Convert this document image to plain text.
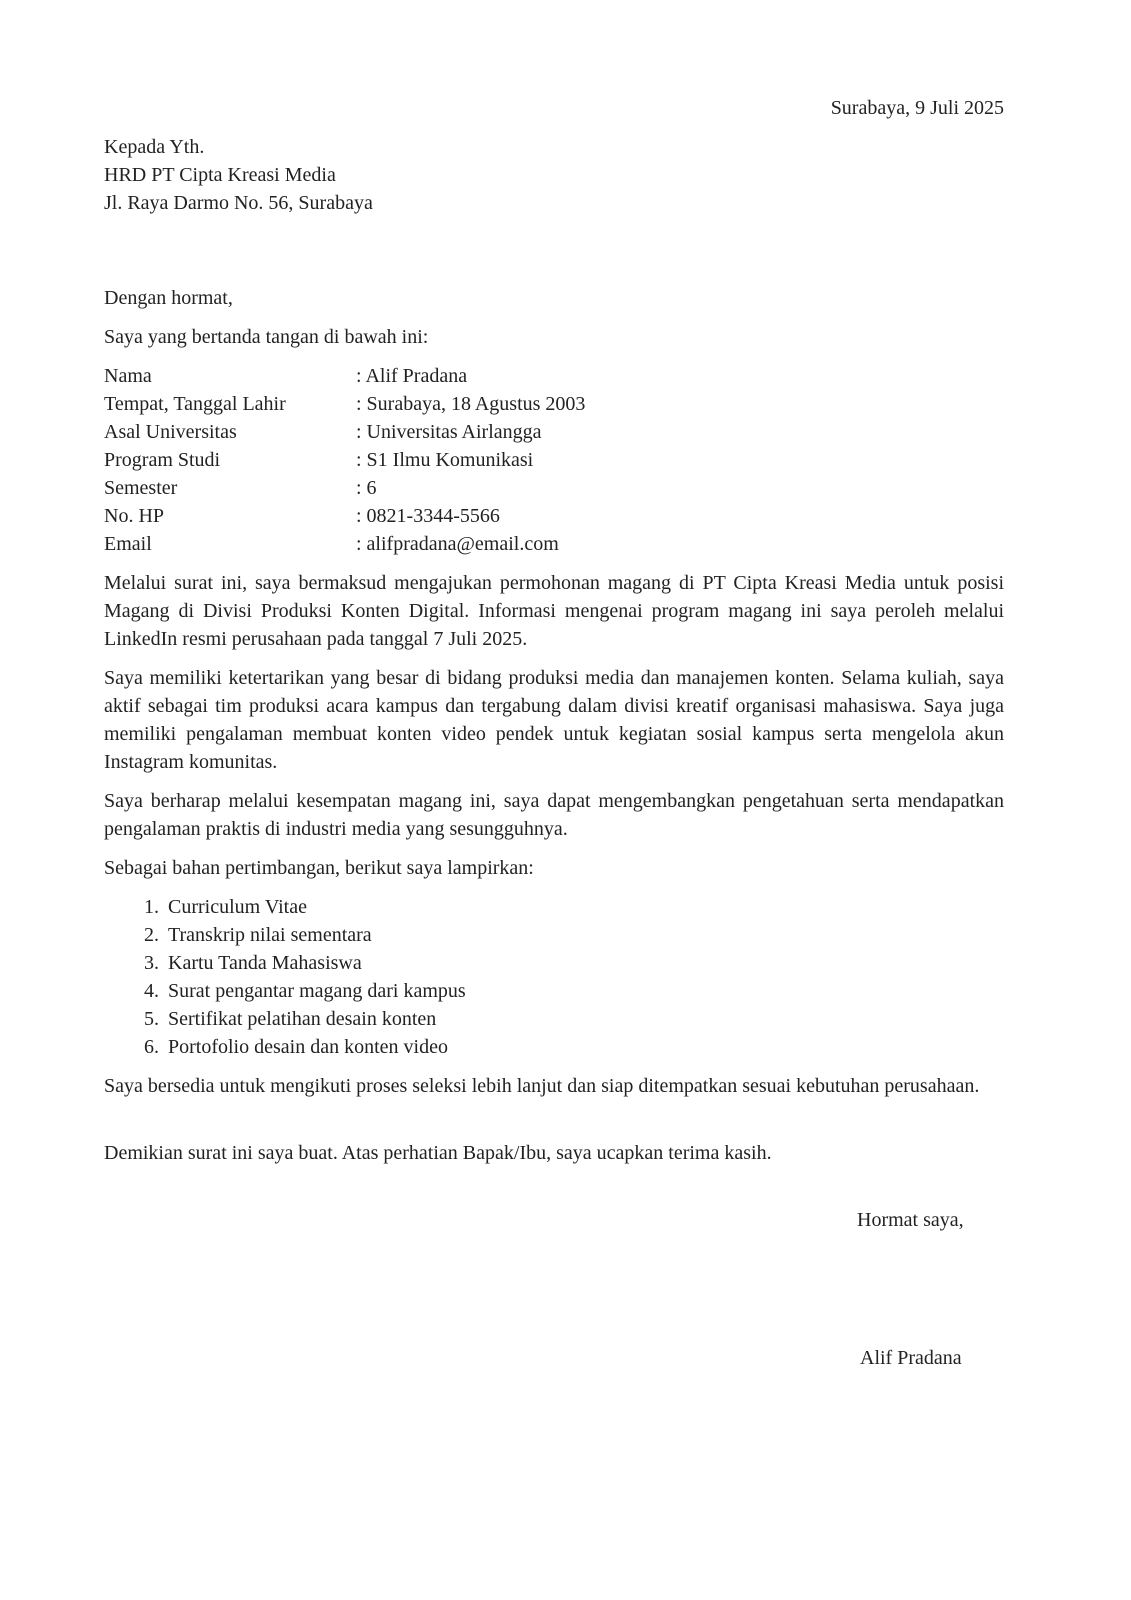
Surabaya, 9 Juli 2025
Kepada Yth.
HRD PT Cipta Kreasi Media
Jl. Raya Darmo No. 56, Surabaya
Dengan hormat,
Saya yang bertanda tangan di bawah ini:
Nama	: Alif Pradana
Tempat, Tanggal Lahir	: Surabaya, 18 Agustus 2003
Asal Universitas	: Universitas Airlangga
Program Studi	: S1 Ilmu Komunikasi
Semester	: 6
No. HP	: 0821-3344-5566
Email	: alifpradana@email.com

Melalui surat ini, saya bermaksud mengajukan permohonan magang di PT Cipta Kreasi Media untuk posisi Magang di Divisi Produksi Konten Digital. Informasi mengenai program magang ini saya peroleh melalui LinkedIn resmi perusahaan pada tanggal 7 Juli 2025.

Saya memiliki ketertarikan yang besar di bidang produksi media dan manajemen konten. Selama kuliah, saya aktif sebagai tim produksi acara kampus dan tergabung dalam divisi kreatif organisasi mahasiswa. Saya juga memiliki pengalaman membuat konten video pendek untuk kegiatan sosial kampus serta mengelola akun Instagram komunitas.

Saya berharap melalui kesempatan magang ini, saya dapat mengembangkan pengetahuan serta mendapatkan pengalaman praktis di industri media yang sesungguhnya.

Sebagai bahan pertimbangan, berikut saya lampirkan:
1. Curriculum Vitae
2. Transkrip nilai sementara
3. Kartu Tanda Mahasiswa
4. Surat pengantar magang dari kampus
5. Sertifikat pelatihan desain konten
6. Portofolio desain dan konten video

Saya bersedia untuk mengikuti proses seleksi lebih lanjut dan siap ditempatkan sesuai kebutuhan perusahaan.

Demikian surat ini saya buat. Atas perhatian Bapak/Ibu, saya ucapkan terima kasih.

Hormat saya,
Alif Pradana
